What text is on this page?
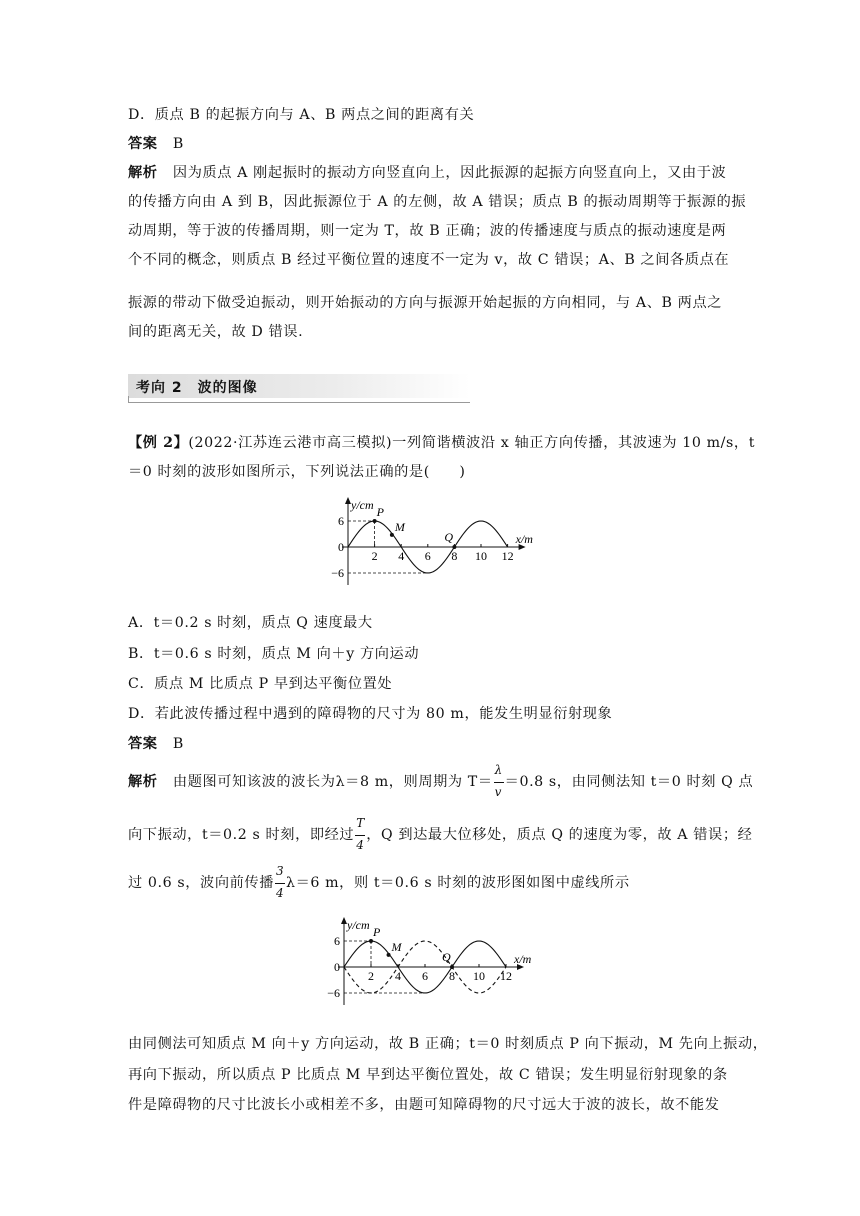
D．质点 B 的起振方向与 A、B 两点之间的距离有关
答案 B
解析 因为质点 A 刚起振时的振动方向竖直向上，因此振源的起振方向竖直向上，又由于波
的传播方向由 A 到 B，因此振源位于 A 的左侧，故 A 错误；质点 B 的振动周期等于振源的振
动周期，等于波的传播周期，则一定为 T，故 B 正确；波的传播速度与质点的振动速度是两
个不同的概念，则质点 B 经过平衡位置的速度不一定为 v，故 C 错误；A、B 之间各质点在
振源的带动下做受迫振动，则开始振动的方向与振源开始起振的方向相同，与 A、B 两点之
间的距离无关，故 D 错误.
考向 2　波的图像
【例 2】(2022·江苏连云港市高三模拟)一列简谐横波沿 x 轴正方向传播，其波速为 10 m/s，t
＝0 时刻的波形如图所示，下列说法正确的是(　　)
y/cm
x/m
6
0
−6
2 4 6 8 10 12
P
M
Q
A．t＝0.2 s 时刻，质点 Q 速度最大
B．t＝0.6 s 时刻，质点 M 向＋y 方向运动
C．质点 M 比质点 P 早到达平衡位置处
D．若此波传播过程中遇到的障碍物的尺寸为 80 m，能发生明显衍射现象
答案 B
解析 由题图可知该波的波长为λ＝8 m，则周期为 $T= \frac{\lambda}{v} =0.8$ s，由同侧法知 t＝0 时刻 Q 点
向下振动，t＝0.2 s 时刻，即经过 $\frac{T}{4}$ ，Q 到达最大位移处，质点 Q 的速度为零，故 A 错误；经
过 0.6 s，波向前传播 $\frac{3}{4} \lambda=6$ m，则 t＝0.6 s 时刻的波形图如图中虚线所示
y/cm
x/m
6
0
−6
2 4 6 8 10 12
P
M
Q
由同侧法可知质点 M 向＋y 方向运动，故 B 正确；t＝0 时刻质点 P 向下振动，M 先向上振动，
再向下振动，所以质点 P 比质点 M 早到达平衡位置处，故 C 错误；发生明显衍射现象的条
件是障碍物的尺寸比波长小或相差不多，由题可知障碍物的尺寸远大于波的波长，故不能发
